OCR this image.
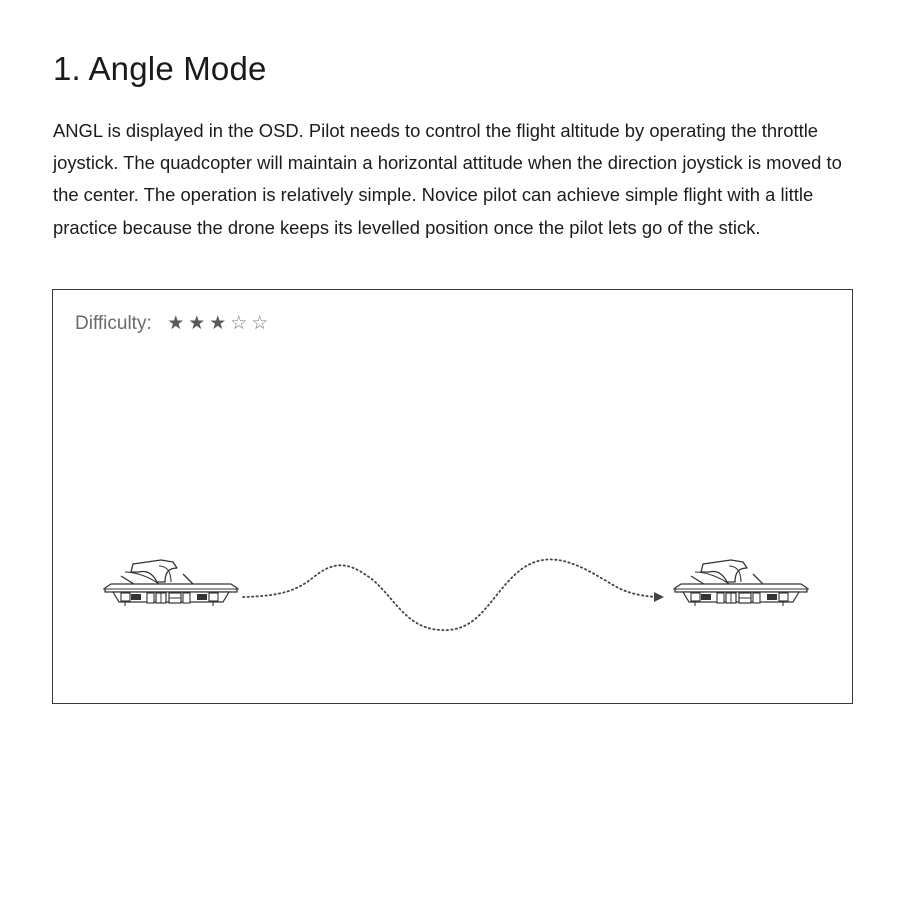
1. Angle Mode

ANGL is displayed in the OSD. Pilot needs to control the flight altitude by operating the throttle joystick. The quadcopter will maintain a horizontal attitude when the direction joystick is moved to the center. The operation is relatively simple. Novice pilot can achieve simple flight with a little practice because the drone keeps its levelled position once the pilot lets go of the stick.

Difficulty: ★ ★ ★ ☆ ☆
